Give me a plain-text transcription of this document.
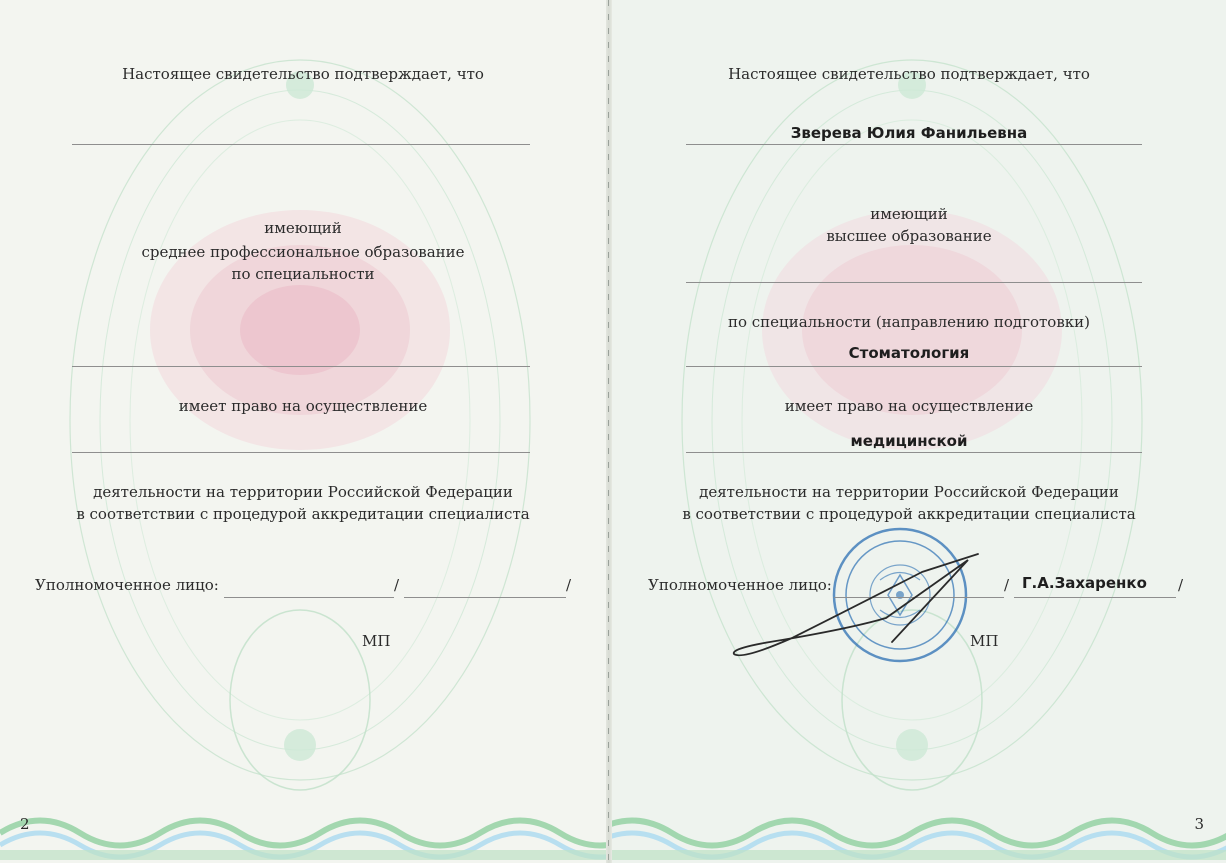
Настоящее свидетельство подтверждает, что
имеющий
среднее профессиональное образование
по специальности
имеет право на осуществление
деятельности на территории Российской Федерации
в соответствии с процедурой аккредитации специалиста
Уполномоченное лицо:	/	/
МП
2
Настоящее свидетельство подтверждает, что
Зверева Юлия Фанильевна
имеющий
высшее образование
по специальности (направлению подготовки)
Стоматология
имеет право на осуществление
медицинской
деятельности на территории Российской Федерации
в соответствии с процедурой аккредитации специалиста
Уполномоченное лицо:	/ Г.А.Захаренко	/
МП
3
